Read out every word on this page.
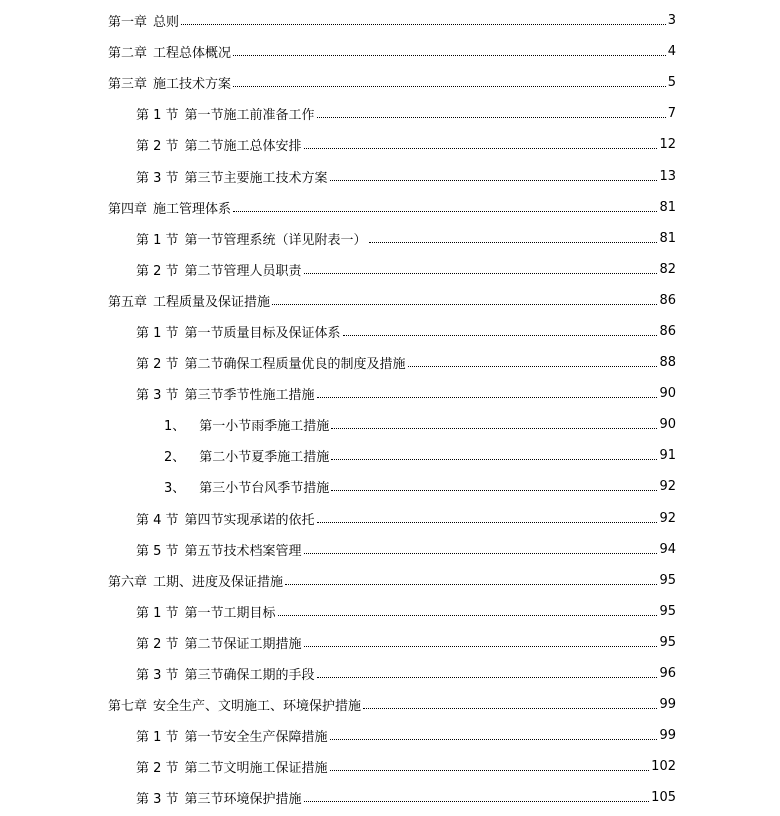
第一章 总则	3
第二章 工程总体概况	4
第三章 施工技术方案	5
第 1 节 第一节施工前准备工作	7
第 2 节 第二节施工总体安排	12
第 3 节 第三节主要施工技术方案	13
第四章 施工管理体系	81
第 1 节 第一节管理系统（详见附表一）	81
第 2 节 第二节管理人员职责	82
第五章 工程质量及保证措施	86
第 1 节 第一节质量目标及保证体系	86
第 2 节 第二节确保工程质量优良的制度及措施	88
第 3 节 第三节季节性施工措施	90
1、 第一小节雨季施工措施	90
2、 第二小节夏季施工措施	91
3、 第三小节台风季节措施	92
第 4 节 第四节实现承诺的依托	92
第 5 节 第五节技术档案管理	94
第六章 工期、进度及保证措施	95
第 1 节 第一节工期目标	95
第 2 节 第二节保证工期措施	95
第 3 节 第三节确保工期的手段	96
第七章 安全生产、文明施工、环境保护措施	99
第 1 节 第一节安全生产保障措施	99
第 2 节 第二节文明施工保证措施	102
第 3 节 第三节环境保护措施	105
